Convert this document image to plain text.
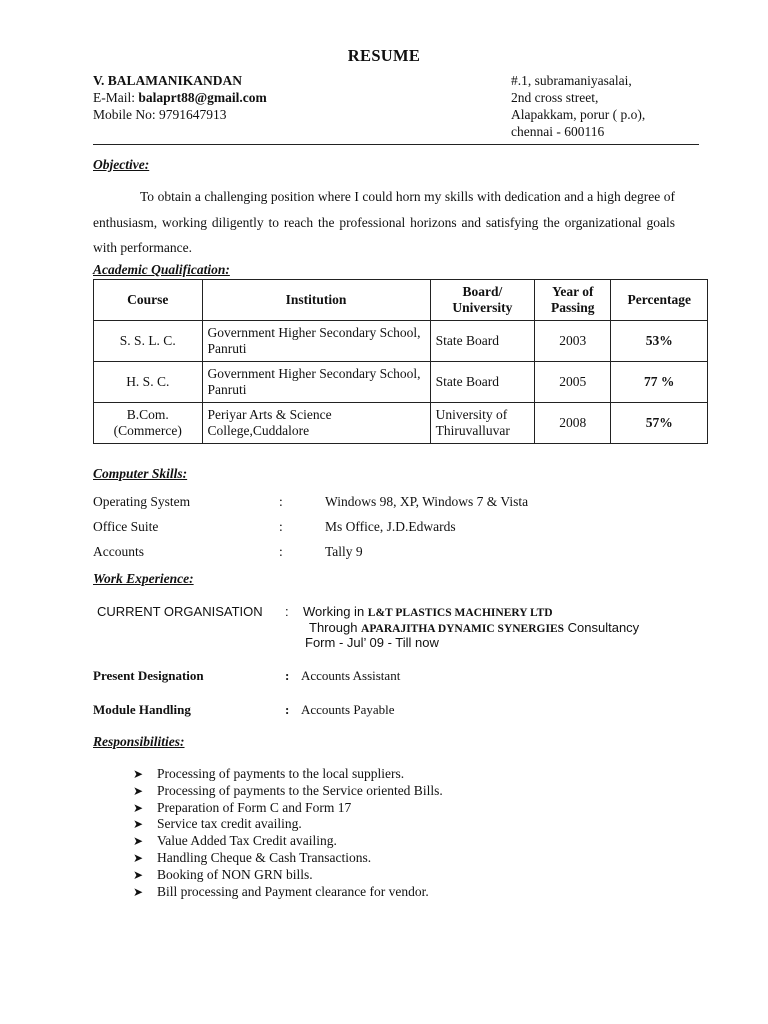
RESUME
V. BALAMANIKANDAN
E-Mail: balaprt88@gmail.com
Mobile No: 9791647913
#.1, subramaniyasalai,
2nd cross street,
Alapakkam, porur ( p.o),
chennai - 600116
Objective:
To obtain a challenging position where I could horn my skills with dedication and a high degree of enthusiasm, working diligently to reach the professional horizons and satisfying the organizational goals with performance.
Academic Qualification:
Course	Institution	Board/ University	Year of Passing	Percentage
S. S. L. C.	Government Higher Secondary School, Panruti	State Board	2003	53%
H. S. C.	Government Higher Secondary School, Panruti	State Board	2005	77 %
B.Com. (Commerce)	Periyar Arts & Science College,Cuddalore	University of Thiruvalluvar	2008	57%
Computer Skills:
Operating System	:	Windows 98, XP, Windows 7 & Vista
Office Suite	:	Ms Office, J.D.Edwards
Accounts	:	Tally 9
Work Experience:
CURRENT ORGANISATION : Working in L&T PLASTICS MACHINERY LTD
Through APARAJITHA DYNAMIC SYNERGIES Consultancy
Form - Jul’ 09 - Till now
Present Designation	: Accounts Assistant
Module Handling	: Accounts Payable
Responsibilities:
➤ Processing of payments to the local suppliers.
➤ Processing of payments to the Service oriented Bills.
➤ Preparation of Form C and Form 17
➤ Service tax credit availing.
➤ Value Added Tax Credit availing.
➤ Handling Cheque & Cash Transactions.
➤ Booking of NON GRN bills.
➤ Bill processing and Payment clearance for vendor.
